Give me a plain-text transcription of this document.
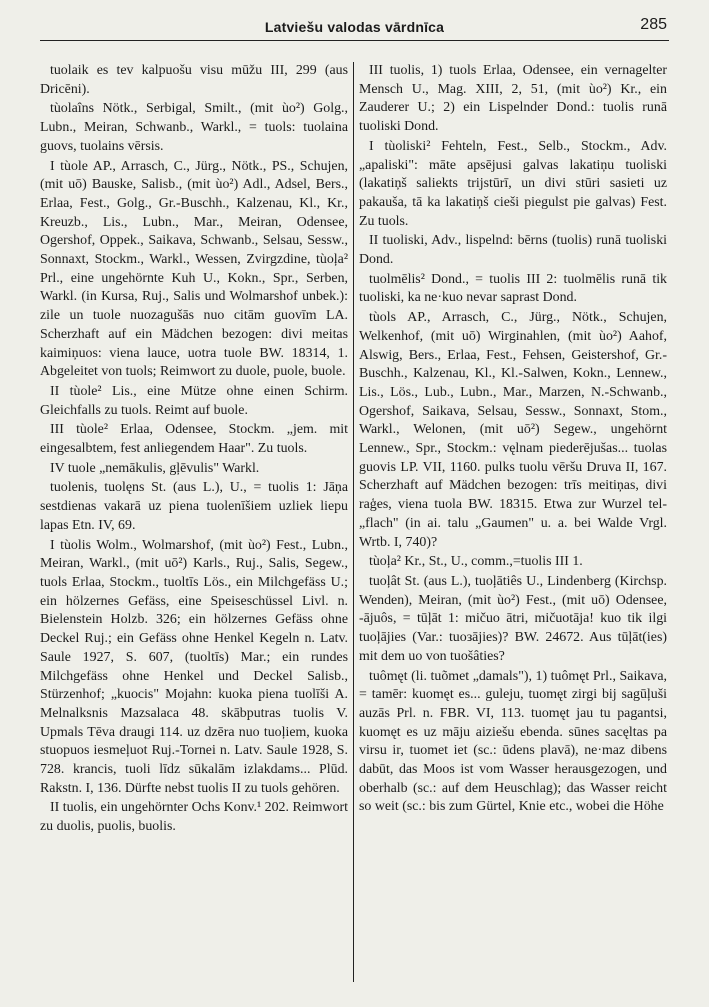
Latviešu valodas vārdnīca	285

tuolaik es tev kalpuošu visu mūžu III, 299 (aus Dricēni).

tùolaîns Nötk., Serbigal, Smilt., (mit ùo²) Golg., Lubn., Meiran, Schwanb., Warkl., = tuols: tuolaina guovs, tuolains vērsis.

I tùole AP., Arrasch, C., Jürg., Nötk., PS., Schujen, (mit uō) Bauske, Salisb., (mit ùo²) Adl., Adsel, Bers., Erlaa, Fest., Golg., Gr.-Buschh., Kalzenau, Kl., Kr., Kreuzb., Lis., Lubn., Mar., Meiran, Odensee, Ogershof, Oppek., Saikava, Schwanb., Selsau, Sessw., Sonnaxt, Stockm., Warkl., Wessen, Zvirgzdine, tùoļa² Prl., eine ungehörnte Kuh U., Kokn., Spr., Serben, Warkl. (in Kursa, Ruj., Salis und Wolmarshof unbek.): zile un tuole nuozagušās nuo citām guovīm LA. Scherzhaft auf ein Mädchen bezogen: divi meitas kaimiņuos: viena lauce, uotra tuole BW. 18314, 1. Abgeleitet von tuols; Reimwort zu duole, puole, buole.

II tùole² Lis., eine Mütze ohne einen Schirm. Gleichfalls zu tuols. Reimt auf buole.

III tùole² Erlaa, Odensee, Stockm. „jem. mit eingesalbtem, fest anliegendem Haar". Zu tuols.

IV tuole „nemākulis, gļēvulis" Warkl.

tuolenis, tuolęns St. (aus L.), U., = tuolis 1: Jāņa sestdienas vakarā uz piena tuolenīšiem uzliek liepu lapas Etn. IV, 69.

I tùolis Wolm., Wolmarshof, (mit ùo²) Fest., Lubn., Meiran, Warkl., (mit uō²) Karls., Ruj., Salis, Segew., tuols Erlaa, Stockm., tuoltīs Lös., ein Milchgefäss U.; ein hölzernes Gefäss, eine Speiseschüssel Livl. n. Bielenstein Holzb. 326; ein hölzernes Gefäss ohne Deckel Ruj.; ein Gefäss ohne Henkel Kegeln n. Latv. Saule 1927, S. 607, (tuoltīs) Mar.; ein rundes Milchgefäss ohne Henkel und Deckel Salisb., Stürzenhof; „kuocis" Mojahn: kuoka piena tuolīši A. Melnalksnis Mazsalaca 48. skābputras tuolis V. Upmals Tēva draugi 114. uz dzēra nuo tuoļiem, kuoka stuopuos iesmeļuot Ruj.-Tornei n. Latv. Saule 1928, S. 728. krancis, tuoli līdz sūkalām izlakdams... Plūd. Rakstn. I, 136. Dürfte nebst tuolis II zu tuols gehören.

II tuolis, ein ungehörnter Ochs Konv.¹ 202. Reimwort zu duolis, puolis, buolis.

III tuolis, 1) tuols Erlaa, Odensee, ein vernagelter Mensch U., Mag. XIII, 2, 51, (mit ùo²) Kr., ein Zauderer U.; 2) ein Lispelnder Dond.: tuolis runā tuoliski Dond.

I tùoliski² Fehteln, Fest., Selb., Stockm., Adv. „apaliski": māte apsējusi galvas lakatiņu tuoliski (lakatiņš saliekts trijstūrī, un divi stūri sasieti uz pakauša, tā ka lakatiņš cieši piegulst pie galvas) Fest. Zu tuols.

II tuoliski, Adv., lispelnd: bērns (tuolis) runā tuoliski Dond.

tuolmēlis² Dond., = tuolis III 2: tuolmēlis runā tik tuoliski, ka ne·kuo nevar saprast Dond.

tùols AP., Arrasch, C., Jürg., Nötk., Schujen, Welkenhof, (mit uō) Wirginahlen, (mit ùo²) Aahof, Alswig, Bers., Erlaa, Fest., Fehsen, Geistershof, Gr.-Buschh., Kalzenau, Kl., Kl.-Salwen, Kokn., Lennew., Lis., Lös., Lub., Lubn., Mar., Marzen, N.-Schwanb., Ogershof, Saikava, Selsau, Sessw., Sonnaxt, Stom., Warkl., Welonen, (mit uō²) Segew., ungehörnt Lennew., Spr., Stockm.: vęlnam piederējušas... tuolas guovis LP. VII, 1160. pulks tuolu vēršu Druva II, 167. Scherzhaft auf Mädchen bezogen: trīs meitiņas, divi raģes, viena tuola BW. 18315. Etwa zur Wurzel tel- „flach" (in ai. talu „Gaumen" u. a. bei Walde Vrgl. Wrtb. I, 740)?

tùoļa² Kr., St., U., comm.,=tuolis III 1.

tuoļât St. (aus L.), tuoļātiês U., Lindenberg (Kirchsp. Wenden), Meiran, (mit ùo²) Fest., (mit uō) Odensee, -ājuôs, = tūļāt 1: mičuo ātri, mičuotāja! kuo tik ilgi tuoļājies (Var.: tuoзājies)? BW. 24672. Aus tūļāt(ies) mit dem uo von tuošâties?

tuômęt (li. tuõmet „damals"), 1) tuômęt Prl., Saikava, = tamēr: kuomęt es... guleju, tuomęt zirgi bij sagūļuši auzās Prl. n. FBR. VI, 113. tuomęt jau tu pagantsi, kuomęt es uz māju aiziešu ebenda. sūnes sacęltas pa virsu ir, tuomet iet (sc.: ūdens plavā), ne·maz dibens dabūt, das Moos ist vom Wasser herausgezogen, und oberhalb (sc.: auf dem Heuschlag); das Wasser reicht so weit (sc.: bis zum Gürtel, Knie etc., wobei die Höhe
